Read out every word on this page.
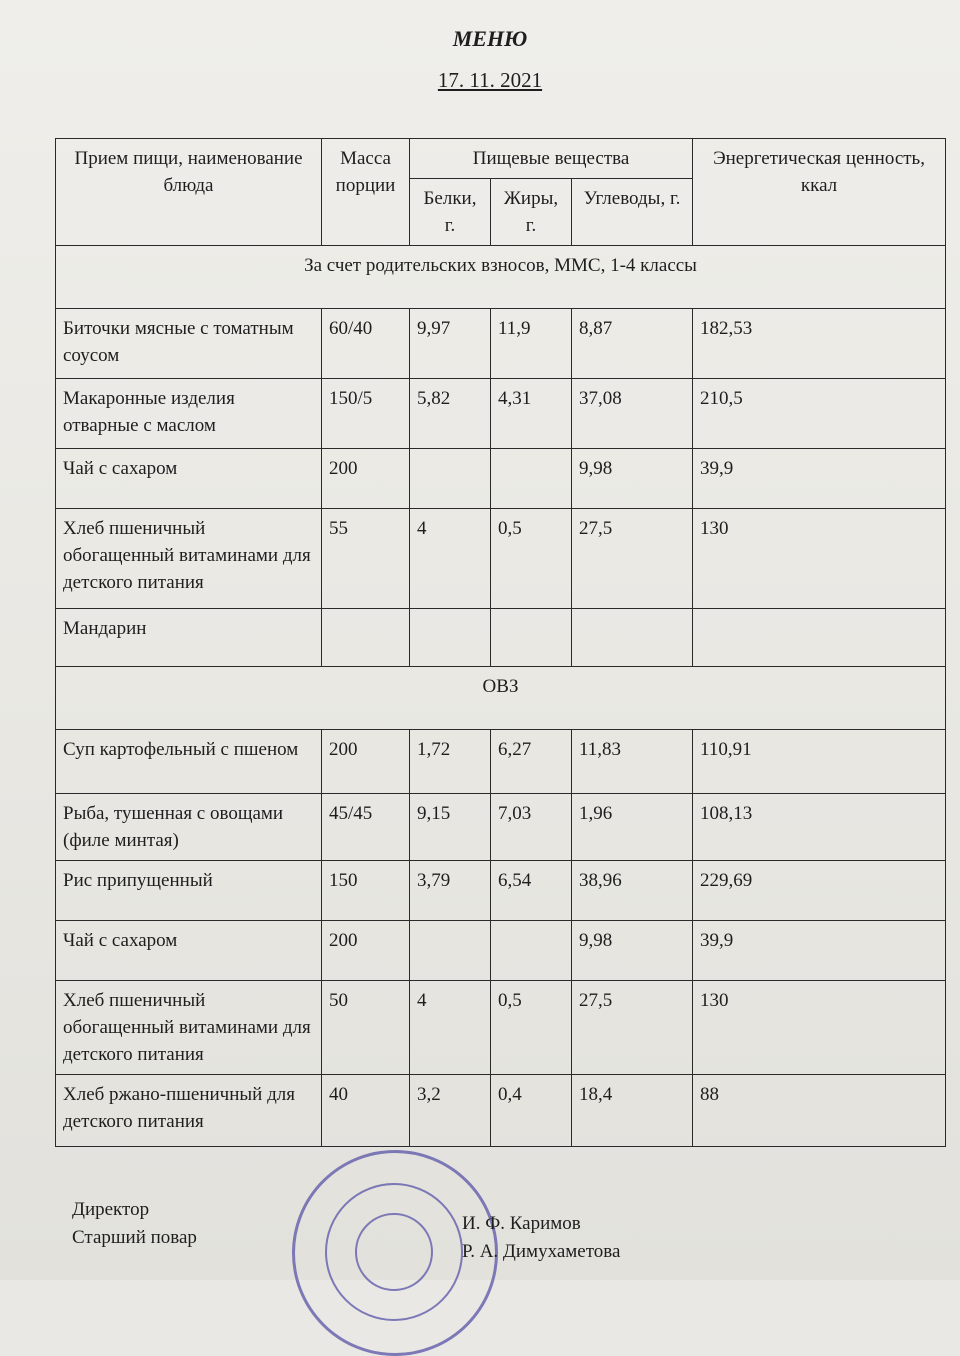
МЕНЮ
17. 11. 2021
Прием пищи, наименование блюда	Масса порции	Пищевые вещества			Энергетическая ценность, ккал
		Белки, г.	Жиры, г.	Углеводы, г.	
За счет родительских взносов, ММС, 1-4 классы					
Биточки мясные с томатным соусом	60/40	9,97	11,9	8,87	182,53
Макаронные изделия отварные с маслом	150/5	5,82	4,31	37,08	210,5
Чай с сахаром	200			9,98	39,9
Хлеб пшеничный обогащенный витаминами для детского питания	55	4	0,5	27,5	130
Мандарин					
ОВЗ					
Суп картофельный с пшеном	200	1,72	6,27	11,83	110,91
Рыба, тушенная с овощами (филе минтая)	45/45	9,15	7,03	1,96	108,13
Рис припущенный	150	3,79	6,54	38,96	229,69
Чай с сахаром	200			9,98	39,9
Хлеб пшеничный обогащенный витаминами для детского питания	50	4	0,5	27,5	130
Хлеб ржано-пшеничный для детского питания	40	3,2	0,4	18,4	88
Директор
Старший повар
И. Ф. Каримов
Р. А. Димухаметова
